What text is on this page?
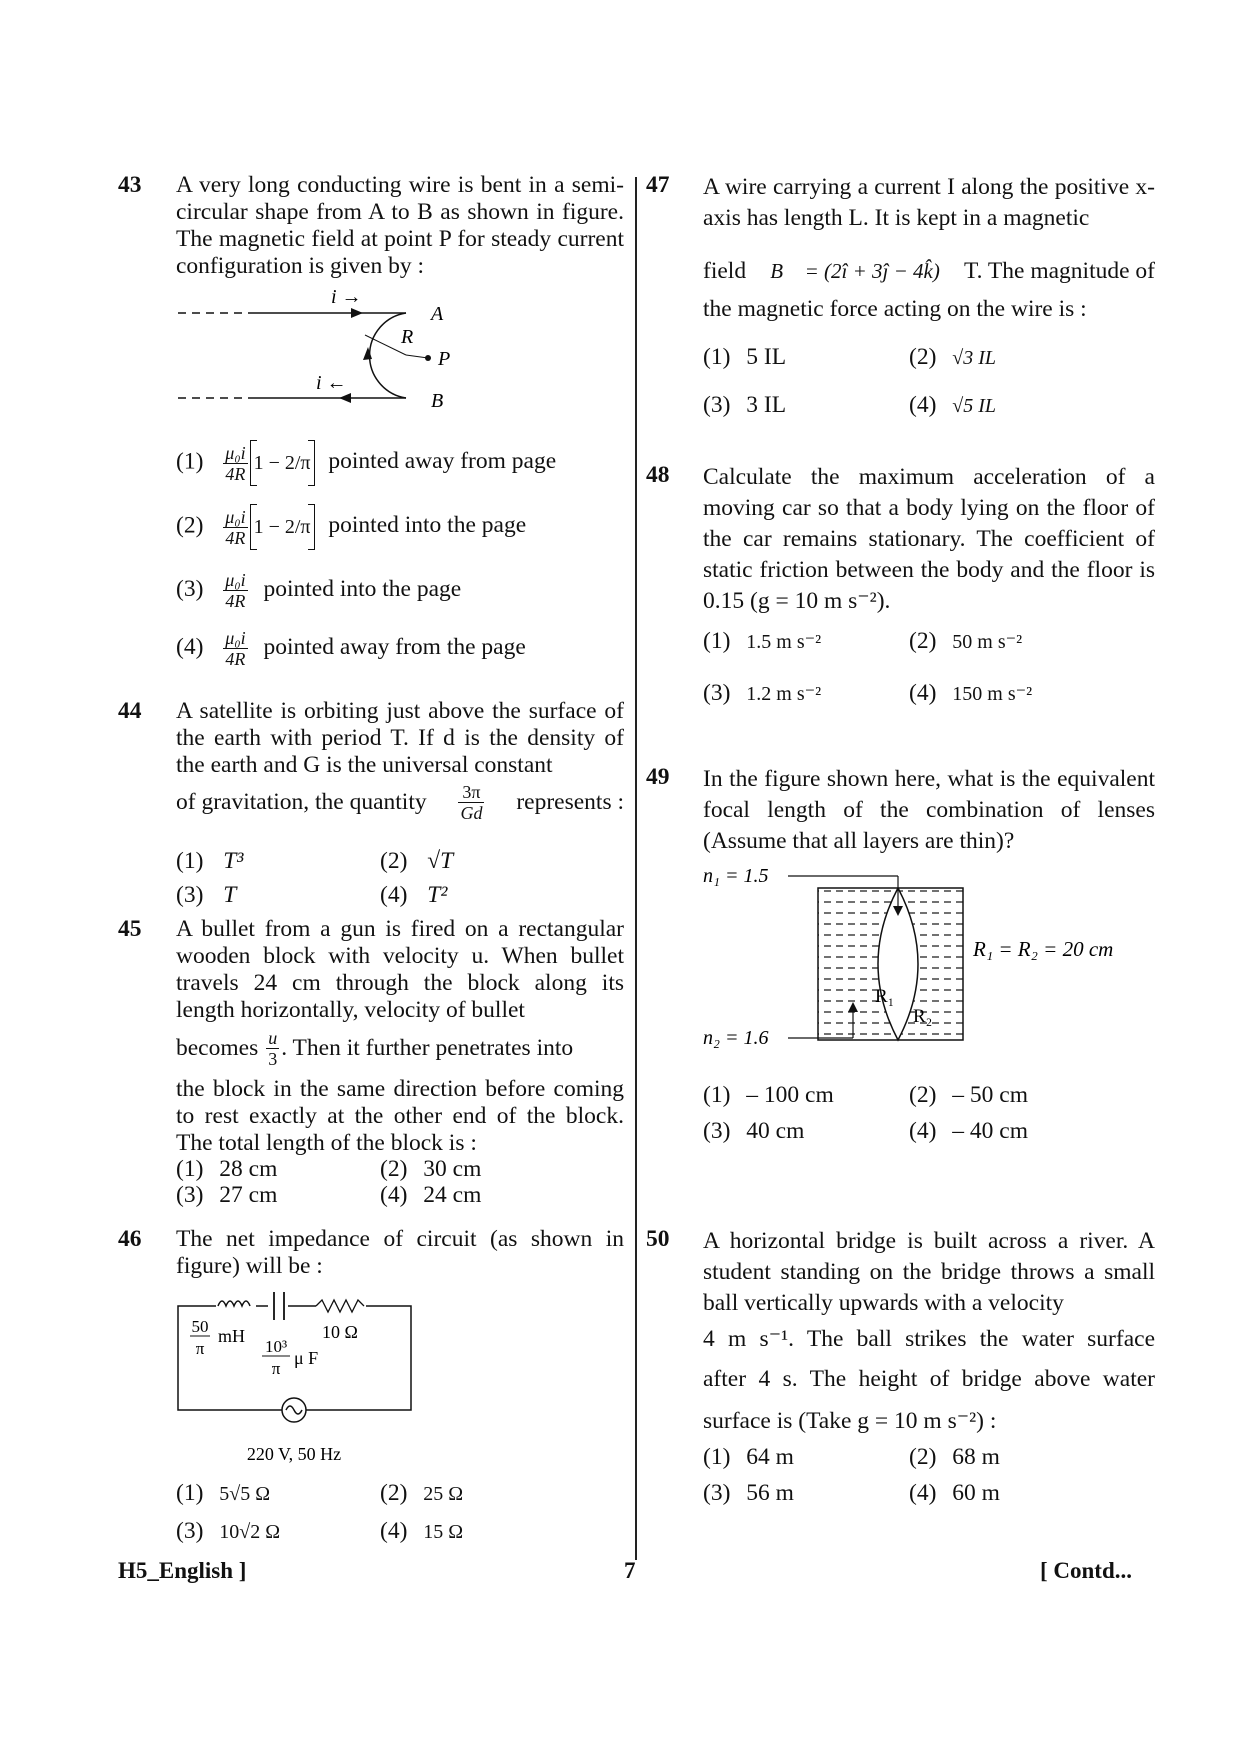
43 A very long conducting wire is bent in a semi-circular shape from A to B as shown in figure. The magnetic field at point P for steady current configuration is given by :
i →
i ←
A
B
R
P
$(1) \frac{\text{μ₀i}}{4R} 1 - 2/\pi$ pointed away from page
$(2) \frac{\text{μ₀i}}{4R} 1 - 2/\pi$ pointed into the page
$(3) \frac{\text{μ₀i}}{4R}$ pointed into the page
$(4) \frac{\text{μ₀i}}{4R}$ pointed away from the page
44 A satellite is orbiting just above the surface of the earth with period T. If d is the density of the earth and G is the universal constant
of gravitation, the quantity $\frac{3\pi}{Gd}$ represents :
(1) T³	(2) √T
(3) T	(4) T²
45 A bullet from a gun is fired on a rectangular wooden block with velocity u. When bullet travels 24 cm through the block along its length horizontally, velocity of bullet
becomes $\frac{u}{3}$ . Then it further penetrates into
the block in the same direction before coming to rest exactly at the other end of the block. The total length of the block is :
(1) 28 cm	(2) 30 cm
(3) 27 cm	(4) 24 cm
46 The net impedance of circuit (as shown in figure) will be :
50
π
mH
10³
π
μ F
10 Ω
220 V, 50 Hz
(1) 5√5 Ω	(2) 25 Ω
(3) 10√2 Ω	(4) 15 Ω
47 A wire carrying a current I along the positive x-axis has length L. It is kept in a magnetic
field B⃗ = (2î + 3ĵ − 4k̂) T. The magnitude of
the magnetic force acting on the wire is :
(1) 5 IL	(2) √3 IL
(3) 3 IL	(4) √5 IL
48 Calculate the maximum acceleration of a moving car so that a body lying on the floor of the car remains stationary. The coefficient of static friction between the body and the floor is 0.15 (g = 10 m s⁻²).
(1) 1.5 m s⁻²	(2) 50 m s⁻²
(3) 1.2 m s⁻²	(4) 150 m s⁻²
49 In the figure shown here, what is the equivalent focal length of the combination of lenses (Assume that all layers are thin)?
n₁ = 1.5
n₂ = 1.6
R₁ = R₂ = 20 cm
R₁
R₂
(1) – 100 cm	(2) – 50 cm
(3) 40 cm	(4) – 40 cm
50 A horizontal bridge is built across a river. A student standing on the bridge throws a small ball vertically upwards with a velocity
4 m s⁻¹. The ball strikes the water surface
after 4 s. The height of bridge above water
surface is (Take g = 10 m s⁻²) :
(1) 64 m	(2) 68 m
(3) 56 m	(4) 60 m
H5_English ]	7	[ Contd...
